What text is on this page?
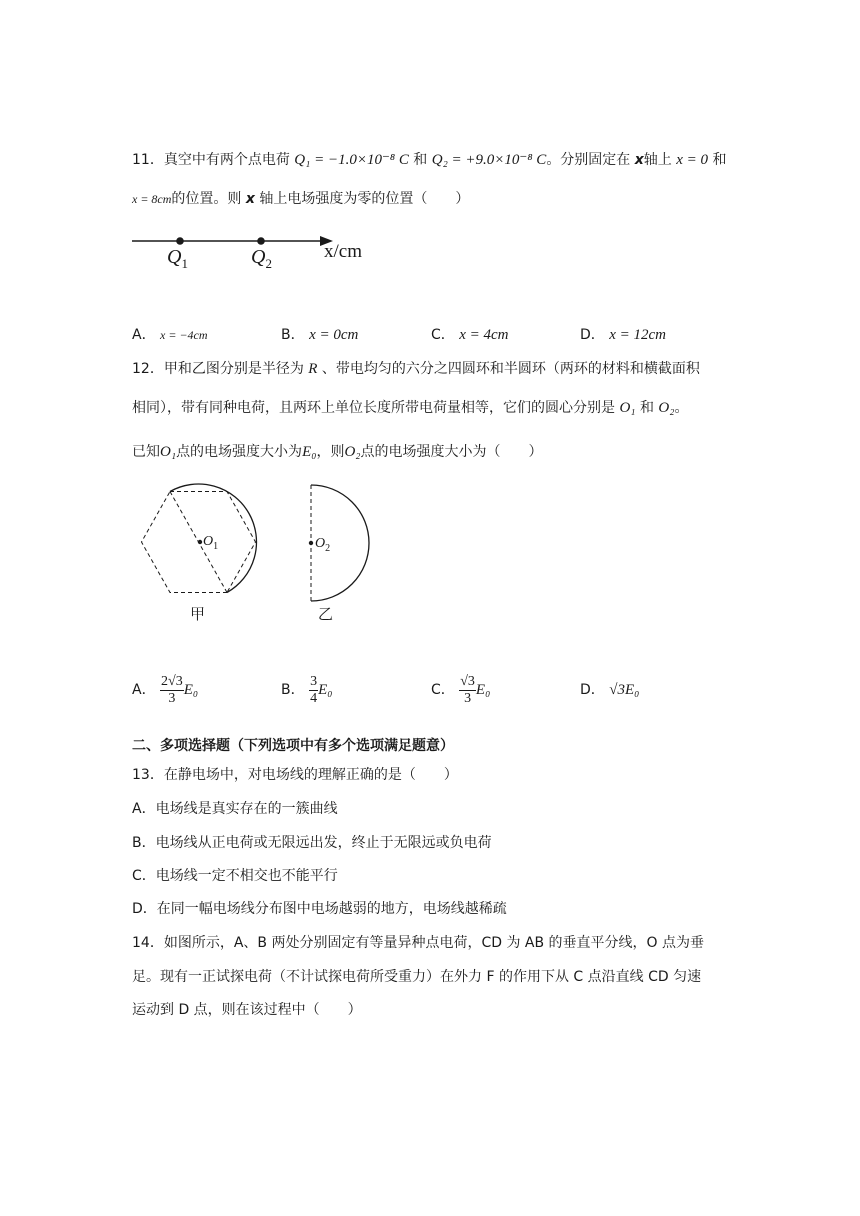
11．真空中有两个点电荷 Q₁ = −1.0×10⁻⁸ C 和 Q₂ = +9.0×10⁻⁸ C。分别固定在 x轴上 x = 0 和
x = 8cm的位置。则 x 轴上电场强度为零的位置（　　）
$Q_1$	$Q_2$
x/cm
A． x = −4cm	B． x = 0cm	C． x = 4cm	D． x = 12cm
12．甲和乙图分别是半径为 R 、带电均匀的六分之四圆环和半圆环（两环的材料和横截面积
相同），带有同种电荷，且两环上单位长度所带电荷量相等，它们的圆心分别是 O₁ 和 O₂。
已知O₁点的电场强度大小为E₀，则O₂点的电场强度大小为（　　）
$O_1$	$O_2$
甲	乙
A． $\frac{2√3}{3} E_0$	B． $\frac{3}{4} E_0$	C． $\frac{√3}{3} E_0$	D． √3E₀
二、多项选择题（下列选项中有多个选项满足题意）
13．在静电场中，对电场线的理解正确的是（　　）
A．电场线是真实存在的一簇曲线
B．电场线从正电荷或无限远出发，终止于无限远或负电荷
C．电场线一定不相交也不能平行
D．在同一幅电场线分布图中电场越弱的地方，电场线越稀疏
14．如图所示，A、B 两处分别固定有等量异种点电荷，CD 为 AB 的垂直平分线，O 点为垂
足。现有一正试探电荷（不计试探电荷所受重力）在外力 F 的作用下从 C 点沿直线 CD 匀速
运动到 D 点，则在该过程中（　　）
